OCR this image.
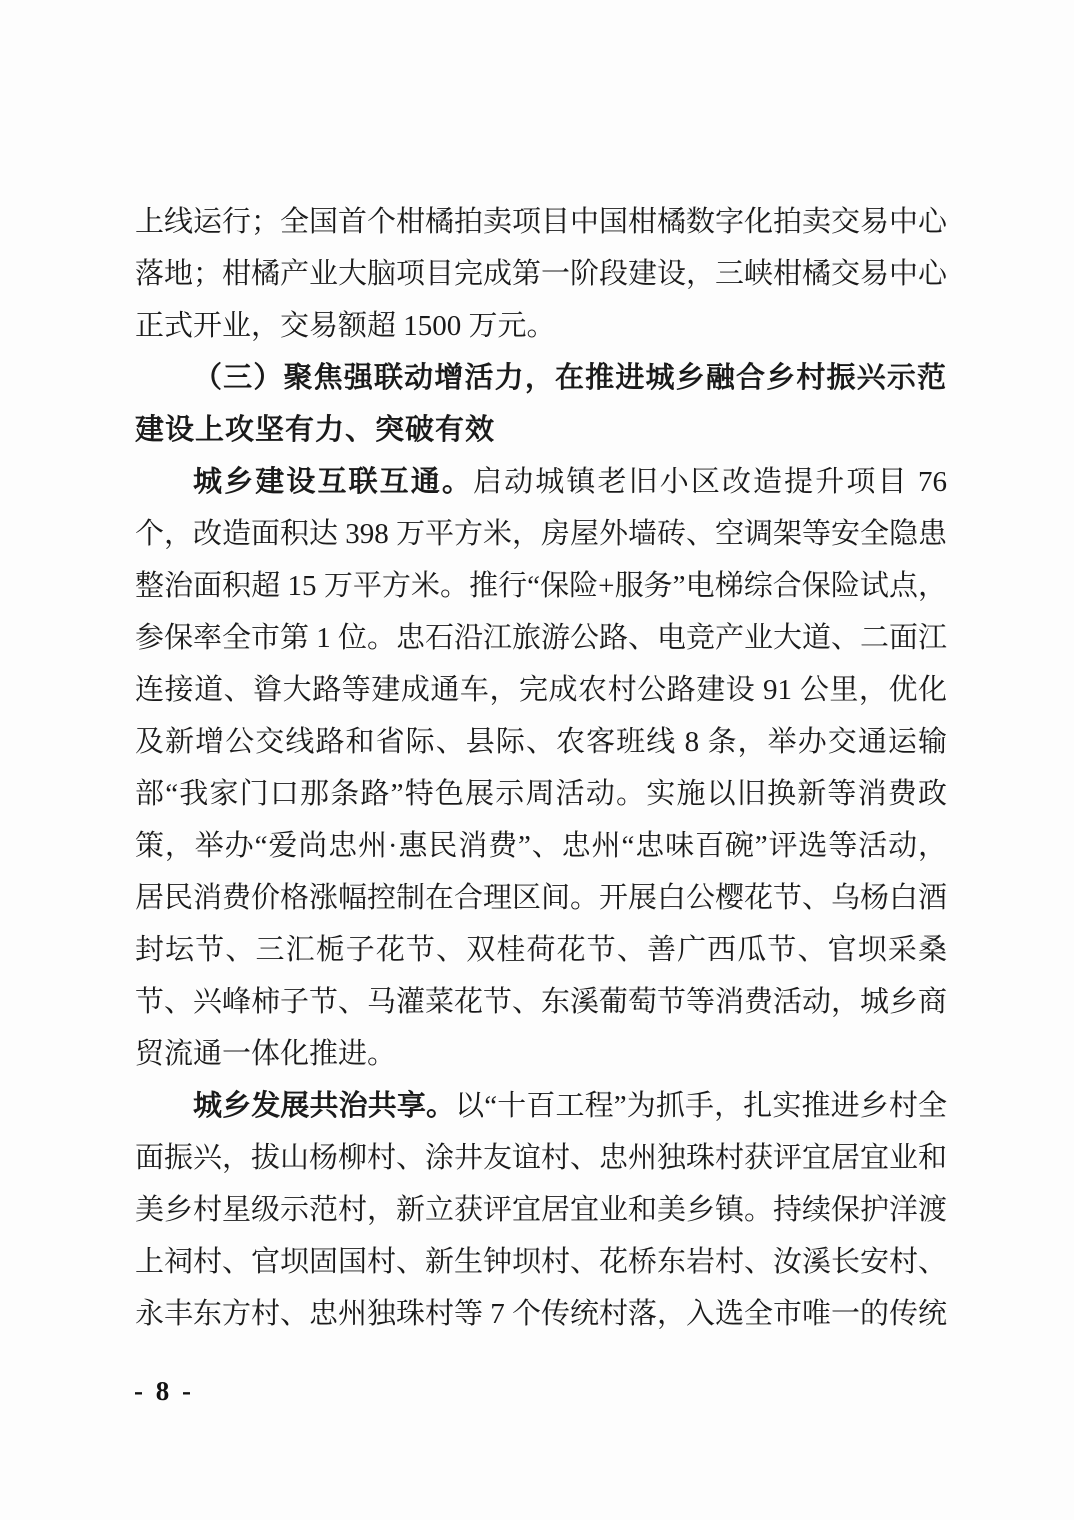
上线运行；全国首个柑橘拍卖项目中国柑橘数字化拍卖交易中心落地；柑橘产业大脑项目完成第一阶段建设，三峡柑橘交易中心正式开业，交易额超 1500 万元。

（三）聚焦强联动增活力，在推进城乡融合乡村振兴示范建设上攻坚有力、突破有效

城乡建设互联互通。启动城镇老旧小区改造提升项目 76 个，改造面积达 398 万平方米，房屋外墙砖、空调架等安全隐患整治面积超 15 万平方米。推行“保险+服务”电梯综合保险试点，参保率全市第 1 位。忠石沿江旅游公路、电竞产业大道、二面江连接道、㽏大路等建成通车，完成农村公路建设 91 公里，优化及新增公交线路和省际、县际、农客班线 8 条，举办交通运输部“我家门口那条路”特色展示周活动。实施以旧换新等消费政策，举办“爱尚忠州·惠民消费”、忠州“忠味百碗”评选等活动，居民消费价格涨幅控制在合理区间。开展白公樱花节、乌杨白酒封坛节、三汇栀子花节、双桂荷花节、善广西瓜节、官坝采桑节、兴峰柿子节、马灌菜花节、东溪葡萄节等消费活动，城乡商贸流通一体化推进。

城乡发展共治共享。以“十百工程”为抓手，扎实推进乡村全面振兴，拔山杨柳村、涂井友谊村、忠州独珠村获评宜居宜业和美乡村星级示范村，新立获评宜居宜业和美乡镇。持续保护洋渡上祠村、官坝固国村、新生钟坝村、花桥东岩村、汝溪长安村、永丰东方村、忠州独珠村等 7 个传统村落，入选全市唯一的传统

- 8 -
